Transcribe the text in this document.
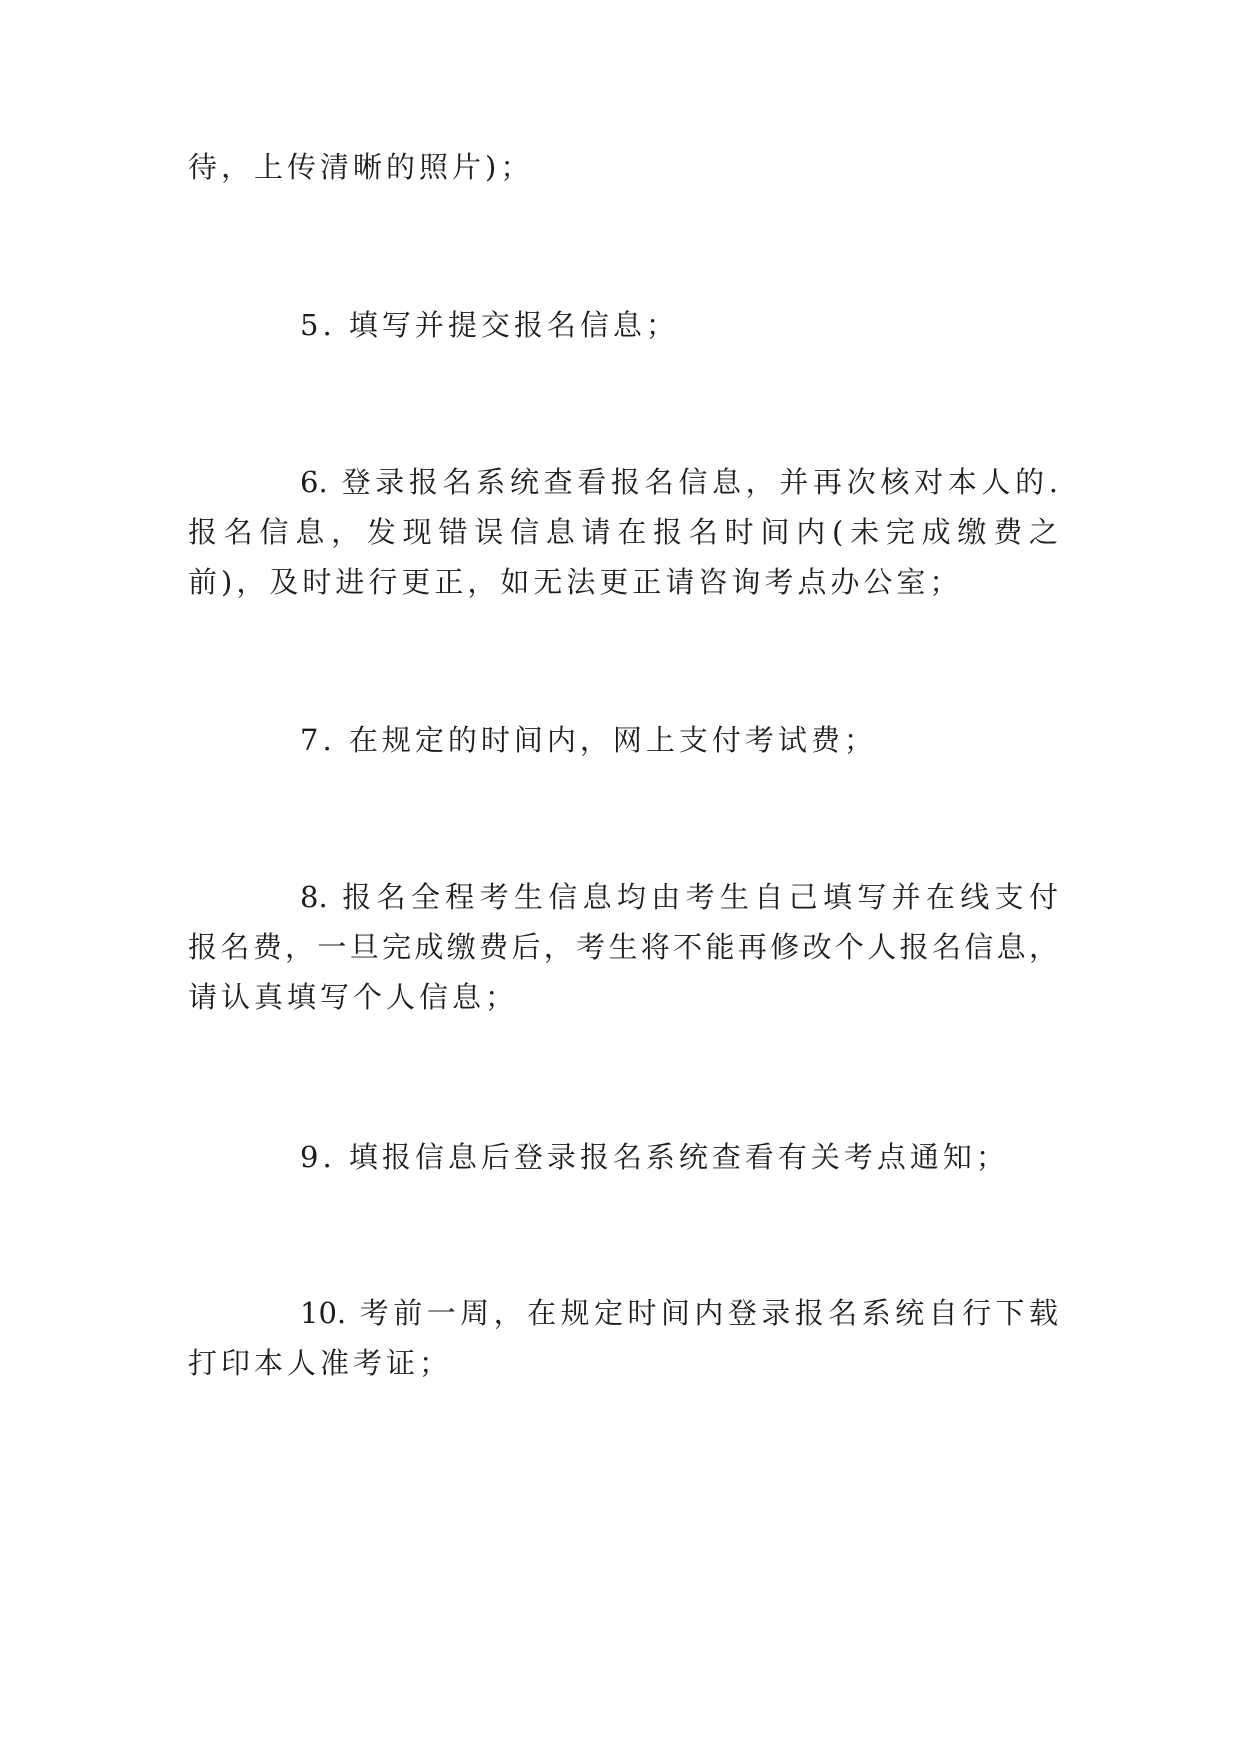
待，上传清晰的照片)；
5. 填写并提交报名信息；
6. 登录报名系统查看报名信息，并再次核对本人的.
报名信息，发现错误信息请在报名时间内(未完成缴费之
前)，及时进行更正，如无法更正请咨询考点办公室；
7. 在规定的时间内，网上支付考试费；
8. 报名全程考生信息均由考生自己填写并在线支付
报名费，一旦完成缴费后，考生将不能再修改个人报名信息，
请认真填写个人信息；
9. 填报信息后登录报名系统查看有关考点通知；
10. 考前一周，在规定时间内登录报名系统自行下载
打印本人准考证；
